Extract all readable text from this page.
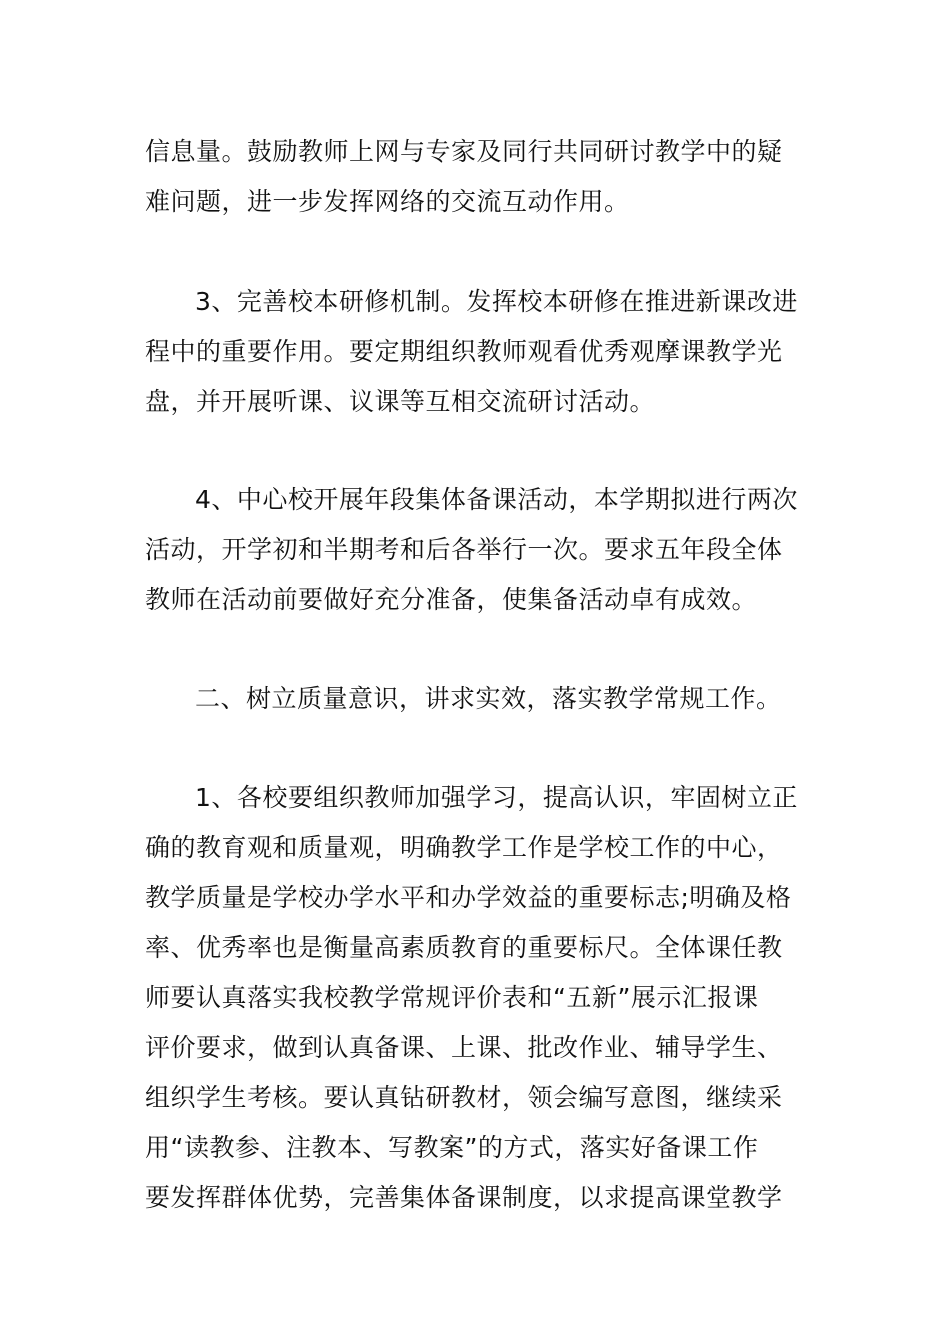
信息量。鼓励教师上网与专家及同行共同研讨教学中的疑
难问题，进一步发挥网络的交流互动作用。
3、完善校本研修机制。发挥校本研修在推进新课改进
程中的重要作用。要定期组织教师观看优秀观摩课教学光
盘，并开展听课、议课等互相交流研讨活动。
4、中心校开展年段集体备课活动，本学期拟进行两次
活动，开学初和半期考和后各举行一次。要求五年段全体
教师在活动前要做好充分准备，使集备活动卓有成效。
二、树立质量意识，讲求实效，落实教学常规工作。
1、各校要组织教师加强学习，提高认识，牢固树立正
确的教育观和质量观，明确教学工作是学校工作的中心，
教学质量是学校办学水平和办学效益的重要标志;明确及格
率、优秀率也是衡量高素质教育的重要标尺。全体课任教
师要认真落实我校教学常规评价表和“五新”展示汇报课
评价要求，做到认真备课、上课、批改作业、辅导学生、
组织学生考核。要认真钻研教材，领会编写意图，继续采
用“读教参、注教本、写教案”的方式，落实好备课工作
要发挥群体优势，完善集体备课制度，以求提高课堂教学
